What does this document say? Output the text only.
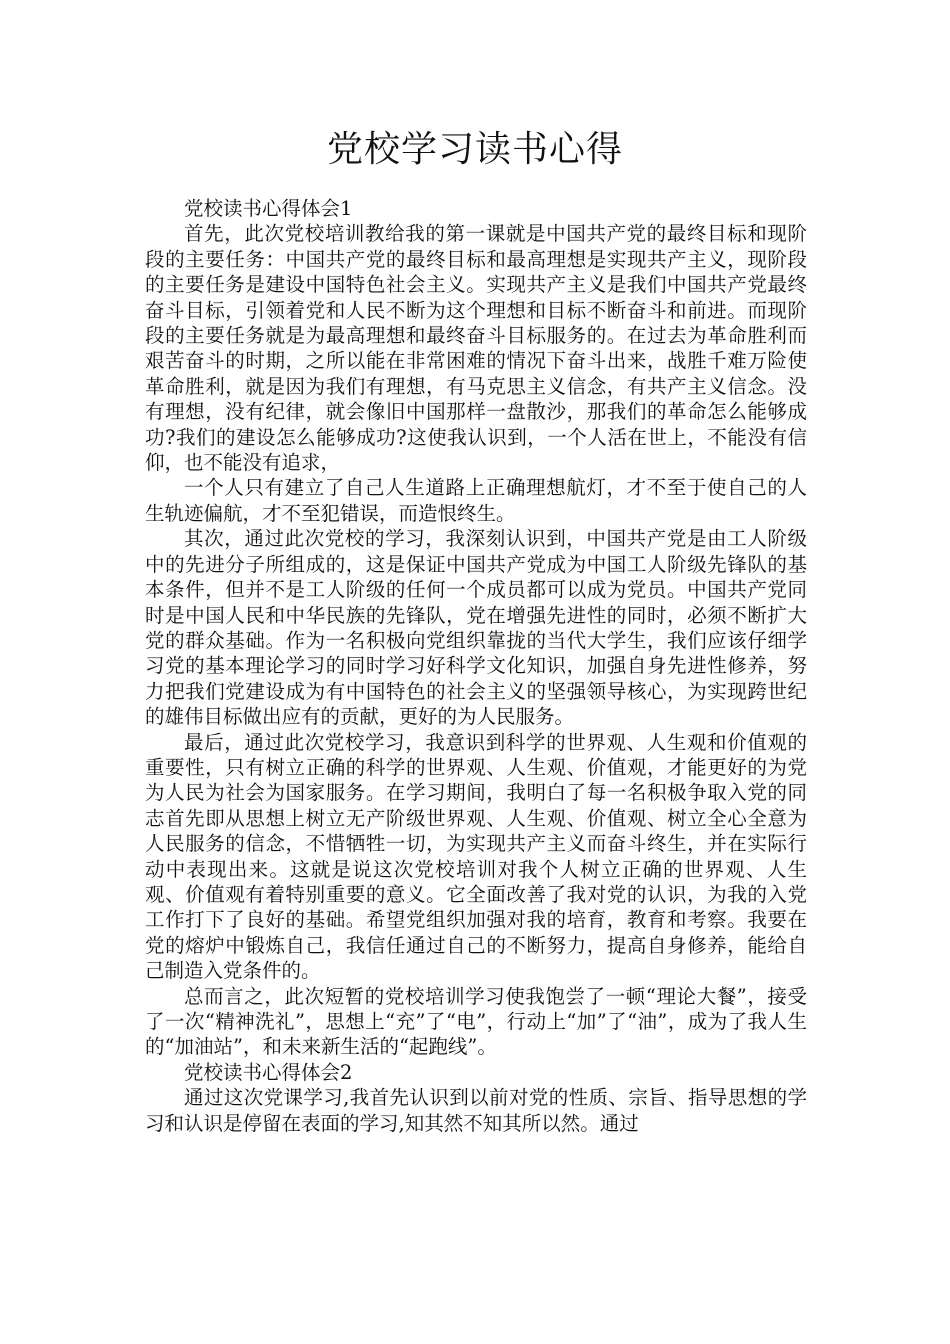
党校学习读书心得

党校读书心得体会1

首先，此次党校培训教给我的第一课就是中国共产党的最终目标和现阶段的主要任务：中国共产党的最终目标和最高理想是实现共产主义，现阶段的主要任务是建设中国特色社会主义。实现共产主义是我们中国共产党最终奋斗目标，引领着党和人民不断为这个理想和目标不断奋斗和前进。而现阶段的主要任务就是为最高理想和最终奋斗目标服务的。在过去为革命胜利而艰苦奋斗的时期，之所以能在非常困难的情况下奋斗出来，战胜千难万险使革命胜利，就是因为我们有理想，有马克思主义信念，有共产主义信念。没有理想，没有纪律，就会像旧中国那样一盘散沙，那我们的革命怎么能够成功?我们的建设怎么能够成功?这使我认识到，一个人活在世上，不能没有信仰，也不能没有追求，

一个人只有建立了自己人生道路上正确理想航灯，才不至于使自己的人生轨迹偏航，才不至犯错误，而造恨终生。

其次，通过此次党校的学习，我深刻认识到，中国共产党是由工人阶级中的先进分子所组成的，这是保证中国共产党成为中国工人阶级先锋队的基本条件，但并不是工人阶级的任何一个成员都可以成为党员。中国共产党同时是中国人民和中华民族的先锋队，党在增强先进性的同时，必须不断扩大党的群众基础。作为一名积极向党组织靠拢的当代大学生，我们应该仔细学习党的基本理论学习的同时学习好科学文化知识，加强自身先进性修养，努力把我们党建设成为有中国特色的社会主义的坚强领导核心，为实现跨世纪的雄伟目标做出应有的贡献，更好的为人民服务。

最后，通过此次党校学习，我意识到科学的世界观、人生观和价值观的重要性，只有树立正确的科学的世界观、人生观、价值观，才能更好的为党为人民为社会为国家服务。在学习期间，我明白了每一名积极争取入党的同志首先即从思想上树立无产阶级世界观、人生观、价值观、树立全心全意为人民服务的信念，不惜牺牲一切，为实现共产主义而奋斗终生，并在实际行动中表现出来。这就是说这次党校培训对我个人树立正确的世界观、人生观、价值观有着特别重要的意义。它全面改善了我对党的认识，为我的入党工作打下了良好的基础。希望党组织加强对我的培育，教育和考察。我要在党的熔炉中锻炼自己，我信任通过自己的不断努力，提高自身修养，能给自己制造入党条件的。

总而言之，此次短暂的党校培训学习使我饱尝了一顿“理论大餐”，接受了一次“精神洗礼”，思想上“充”了“电”，行动上“加”了“油”，成为了我人生的“加油站”，和未来新生活的“起跑线”。

党校读书心得体会2

通过这次党课学习,我首先认识到以前对党的性质、宗旨、指导思想的学习和认识是停留在表面的学习,知其然不知其所以然。通过
